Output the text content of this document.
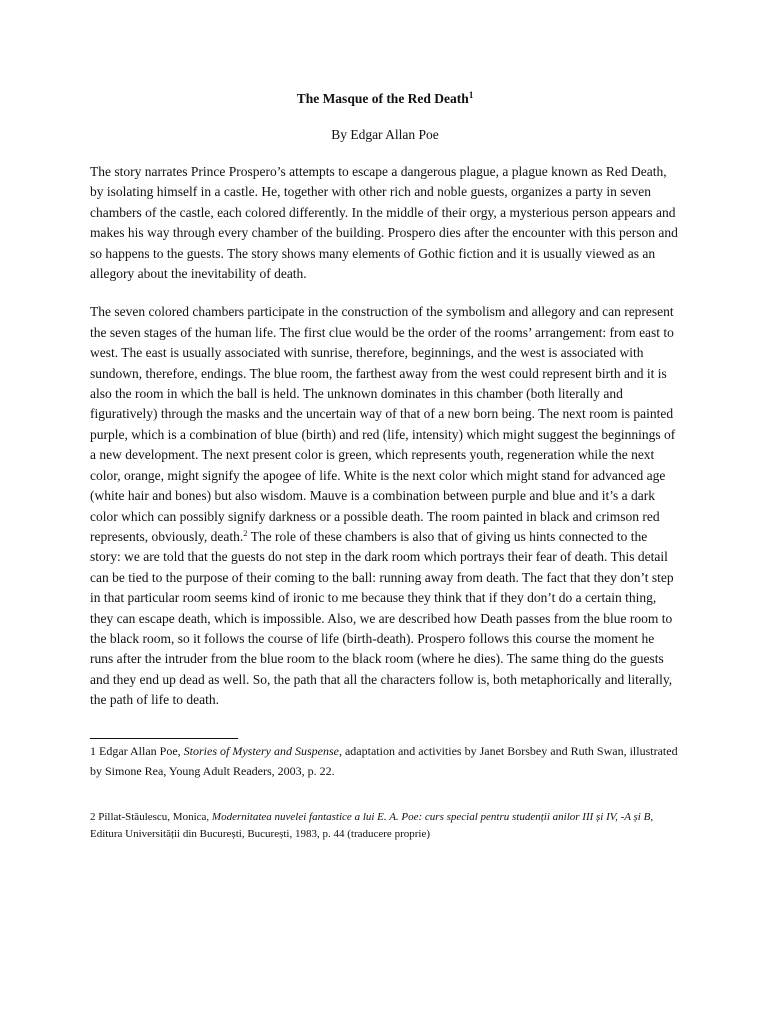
The Masque of the Red Death$^1$

By Edgar Allan Poe

The story narrates Prince Prospero’s attempts to escape a dangerous plague, a plague known as Red Death, by isolating himself in a castle. He, together with other rich and noble guests, organizes a party in seven chambers of the castle, each colored differently. In the middle of their orgy, a mysterious person appears and makes his way through every chamber of the building. Prospero dies after the encounter with this person and so happens to the guests. The story shows many elements of Gothic fiction and it is usually viewed as an allegory about the inevitability of death.

The seven colored chambers participate in the construction of the symbolism and allegory and can represent the seven stages of the human life. The first clue would be the order of the rooms’ arrangement: from east to west. The east is usually associated with sunrise, therefore, beginnings, and the west is associated with sundown, therefore, endings. The blue room, the farthest away from the west could represent birth and it is also the room in which the ball is held. The unknown dominates in this chamber (both literally and figuratively) through the masks and the uncertain way of that of a new born being. The next room is painted purple, which is a combination of blue (birth) and red (life, intensity) which might suggest the beginnings of a new development. The next present color is green, which represents youth, regeneration while the next color, orange, might signify the apogee of life. White is the next color which might stand for advanced age (white hair and bones) but also wisdom. Mauve is a combination between purple and blue and it’s a dark color which can possibly signify darkness or a possible death. The room painted in black and crimson red represents, obviously, death.$^2$ The role of these chambers is also that of giving us hints connected to the story: we are told that the guests do not step in the dark room which portrays their fear of death. This detail can be tied to the purpose of their coming to the ball: running away from death. The fact that they don’t step in that particular room seems kind of ironic to me because they think that if they don’t do a certain thing, they can escape death, which is impossible. Also, we are described how Death passes from the blue room to the black room, so it follows the course of life (birth-death). Prospero follows this course the moment he runs after the intruder from the blue room to the black room (where he dies). The same thing do the guests and they end up dead as well. So, the path that all the characters follow is, both metaphorically and literally, the path of life to death.

1 Edgar Allan Poe, Stories of Mystery and Suspense, adaptation and activities by Janet Borsbey and Ruth Swan, illustrated by Simone Rea, Young Adult Readers, 2003, p. 22.

2 Pillat-Stăulescu, Monica, Modernitatea nuvelei fantastice a lui E. A. Poe: curs special pentru studenții anilor III și IV, -A și B, Editura Universității din București, București, 1983, p. 44 (traducere proprie)
